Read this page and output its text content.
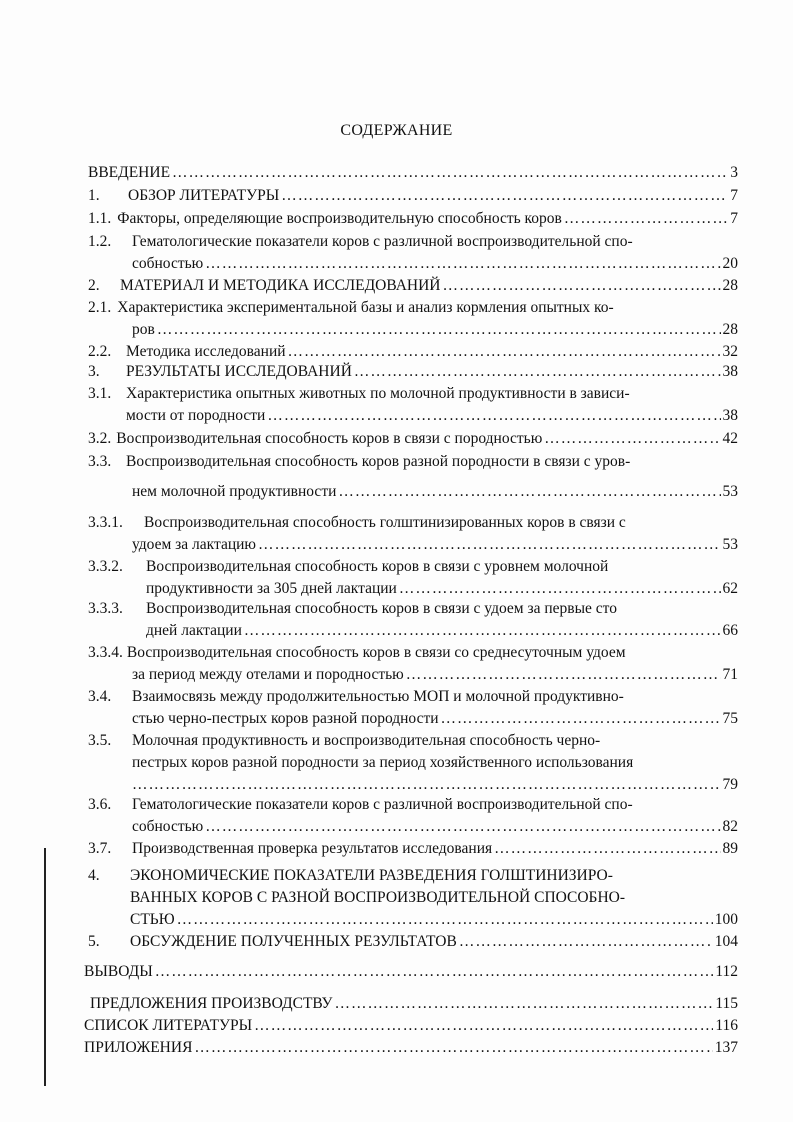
СОДЕРЖАНИЕ
ВВЕДЕНИЕ …………………………………………………………………………………………………………………………………………………………………………………	3
1.	ОБЗОР ЛИТЕРАТУРЫ …………………………………………………………………………………………………………………………………………………………………………………	7
1.1. Факторы, определяющие воспроизводительную способность коров …………………………………………………………………………………………………………………………………………………………………………………	7
1.2. Гематологические показатели коров с различной воспроизводительной спо-
собностью …………………………………………………………………………………………………………………………………………………………………………………	20
2.	МАТЕРИАЛ И МЕТОДИКА ИССЛЕДОВАНИЙ …………………………………………………………………………………………………………………………………………………………………………………	28
2.1. Характеристика экспериментальной базы и анализ кормления опытных ко-
ров …………………………………………………………………………………………………………………………………………………………………………………	28
2.2. Методика исследований …………………………………………………………………………………………………………………………………………………………………………………	32
3.	РЕЗУЛЬТАТЫ ИССЛЕДОВАНИЙ …………………………………………………………………………………………………………………………………………………………………………………	38
3.1. Характеристика опытных животных по молочной продуктивности в зависи-
мости от породности …………………………………………………………………………………………………………………………………………………………………………………	38
3.2. Воспроизводительная способность коров в связи с породностью …………………………………………………………………………………………………………………………………………………………………………………	42
3.3. Воспроизводительная способность коров разной породности в связи с уров-
нем молочной продуктивности …………………………………………………………………………………………………………………………………………………………………………………	53
3.3.1. Воспроизводительная способность голштинизированных коров в связи с
удоем за лактацию …………………………………………………………………………………………………………………………………………………………………………………	53
3.3.2. Воспроизводительная способность коров в связи с уровнем молочной
продуктивности за 305 дней лактации …………………………………………………………………………………………………………………………………………………………………………………	62
3.3.3. Воспроизводительная способность коров в связи с удоем за первые сто
дней лактации …………………………………………………………………………………………………………………………………………………………………………………	66
3.3.4. Воспроизводительная способность коров в связи со среднесуточным удоем
за период между отелами и породностью …………………………………………………………………………………………………………………………………………………………………………………	71
3.4. Взаимосвязь между продолжительностью МОП и молочной продуктивно-
стью черно-пестрых коров разной породности …………………………………………………………………………………………………………………………………………………………………………………	75
3.5. Молочная продуктивность и воспроизводительная способность черно-
пестрых коров разной породности за период хозяйственного использования
…………………………………………………………………………………………………………………………………………………………………………………
79
3.6. Гематологические показатели коров с различной воспроизводительной спо-
собностью …………………………………………………………………………………………………………………………………………………………………………………	82
3.7.	Производственная проверка результатов исследования …………………………………………………………………………………………………………………………………………………………………………………	89
4. ЭКОНОМИЧЕСКИЕ ПОКАЗАТЕЛИ РАЗВЕДЕНИЯ ГОЛШТИНИЗИРО-
ВАННЫХ КОРОВ С РАЗНОЙ ВОСПРОИЗВОДИТЕЛЬНОЙ СПОСОБНО-
СТЬЮ …………………………………………………………………………………………………………………………………………………………………………………	100
5.	ОБСУЖДЕНИЕ ПОЛУЧЕННЫХ РЕЗУЛЬТАТОВ …………………………………………………………………………………………………………………………………………………………………………………	104
ВЫВОДЫ …………………………………………………………………………………………………………………………………………………………………………………	112
ПРЕДЛОЖЕНИЯ ПРОИЗВОДСТВУ …………………………………………………………………………………………………………………………………………………………………………………	115
СПИСОК ЛИТЕРАТУРЫ …………………………………………………………………………………………………………………………………………………………………………………	116
ПРИЛОЖЕНИЯ …………………………………………………………………………………………………………………………………………………………………………………	137
